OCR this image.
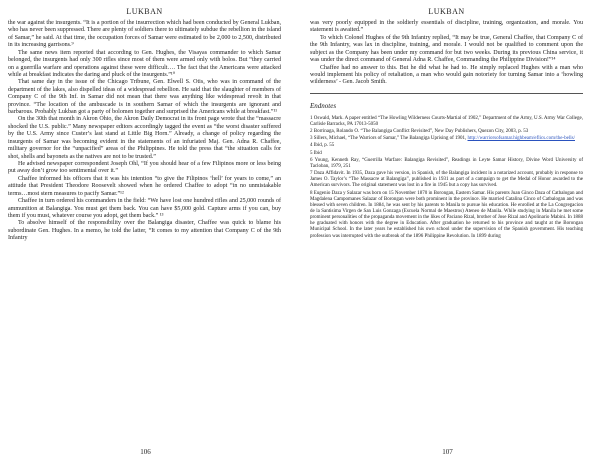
LUKBAN

the war against the insurgents. “It is a portion of the insurrection which had been conducted by General Lukban, who has never been suppressed. There are plenty of soldiers there to ultimately subdue the rebellion in the island of Samar,” he said. At that time, the occupation forces of Samar were estimated to be 2,000 to 2,500, distributed in its increasing garrisons.⁹

The same news item reported that according to Gen. Hughes, the Visayas commander to which Samar belonged, the insurgents had only 300 rifles since most of them were armed only with bolos. But “they carried on a guerrilla warfare and operations against these were difficult…. The fact that the Americans were attacked while at breakfast indicates the daring and pluck of the insurgents.”¹⁰

That same day in the issue of the Chicago Tribune, Gen. Elwell S. Otis, who was in command of the department of the lakes, also dispelled ideas of a widespread rebellion. He said that the slaughter of members of Company C of the 9th Inf. in Samar did not mean that there was anything like widespread revolt in that province. “The location of the ambuscade is in southern Samar of which the insurgents are ignorant and barbarous. Probably Lukban got a party of bolomen together and surprised the Americans while at breakfast.”¹¹

On the 30th that month in Akron Ohio, the Akron Daily Democrat in its front page wrote that the “massacre shocked the U.S. public.” Many newspaper editors accordingly tagged the event as “the worst disaster suffered by the U.S. Army since Custer’s last stand at Little Big Horn.” Already, a change of policy regarding the insurgents of Samar was becoming evident in the statements of an infuriated Maj. Gen. Adna R. Chaffee, military governor for the “unpacified” areas of the Philippines. He told the press that “the situation calls for shot, shells and bayonets as the natives are not to be trusted.”

He advised newspaper correspondent Joseph Ohl, “If you should hear of a few Filipinos more or less being put away don’t grow too sentimental over it.”

Chaffee informed his officers that it was his intention “to give the Filipinos ‘hell’ for years to come,” an attitude that President Theodore Roosevelt showed when he ordered Chaffee to adopt “in no unmistakable terms…most stern measures to pacify Samar.”¹²

Chaffee in turn ordered his commanders in the field: “We have lost one hundred rifles and 25,000 rounds of ammunition at Balangiga. You must get them back. You can have $5,000 gold. Capture arms if you can, buy them if you must, whatever course you adopt, get them back.” ¹³

To absolve himself of the responsibility over the Balangiga disaster, Chaffee was quick to blame his subordinate Gen. Hughes. In a memo, he told the latter, “It comes to my attention that Company C of the 9th Infantry

106
LUKBAN

was very poorly equipped in the soldierly essentials of discipline, training, organization, and morale. You statement is awaited.”

To which Colonel Hughes of the 9th Infantry replied, “It may be true, General Chaffee, that Company C of the 9th Infantry, was lax in discipline, training, and morale. I would not be qualified to comment upon the subject as the Company has been under my command for but two weeks. During its previous China service, it was under the direct command of General Adna R. Chaffee, Commanding the Philippine Division!”¹⁴

Chaffee had no answer to this. But he did what he had to. He simply replaced Hughes with a man who would implement his policy of retaliation, a man who would gain notoriety for turning Samar into a ‘howling wilderness’ - Gen. Jacob Smith.

Endnotes

1 Oswald, Mark. A paper entitled “The Howling Wilderness Courts-Martial of 1902,” Department of the Army, U.S. Army War College, Carlisle Barracks, PA 17013-5050

2 Borrinaga, Rolando O. “The Balangiga Conflict Revisited”, New Day Publishers, Quezon City, 2003, p. 53

3 Sillers, Michael, “The Warriors of Samar,” The Balangiga Uprising of 1901, http://warriorsofsamar.highbeam/eflics.com/the-bells/

4 Ibid, p. 55

5 Ibid

6 Young, Kenneth Ray, “Guerrilla Warfare: Balangiga Revisited”, Readings in Leyte Samar History, Divine Word University of Tacloban, 1979, 251

7 Daza Affidavit. In 1935, Daza gave his version, in Spanish, of the Balangiga incident in a notarized account, probably in response to James O. Taylor’s “The Massacre at Balangiga”, published in 1931 as part of a campaign to get the Medal of Honor awarded to the American survivors. The original statement was lost in a fire in 1945 but a copy has survived.

8 Eugenio Daza y Salazar was born on 15 November 1870 in Borongan, Eastern Samar. His parents Juan Ginco Daza of Catbalogan and Magdalena Campomanes Salazar of Borongan were both prominent in the province. He married Catalina Cinco of Catbalogan and was blessed with seven children. In 1884, he was sent by his parents to Manila to pursue his education. He enrolled at the La Congregacion de la Santisima Virgen de San Luis Gonzaga (Escuela Normal de Maestros) Ateneo de Manila. While studying in Manila he met some prominent personalities of the propaganda movement in the likes of Paciano Rizal, brother of Jose Rizal and Apolinario Mabini. In 1888 he graduated with honors with the degree in Education. After graduation he returned to his province and taught at the Borongan Municipal School. In the later years he established his own school under the supervision of the Spanish government. His teaching profession was interrupted with the outbreak of the 1896 Philippine Revolution. In 1899 during

107
